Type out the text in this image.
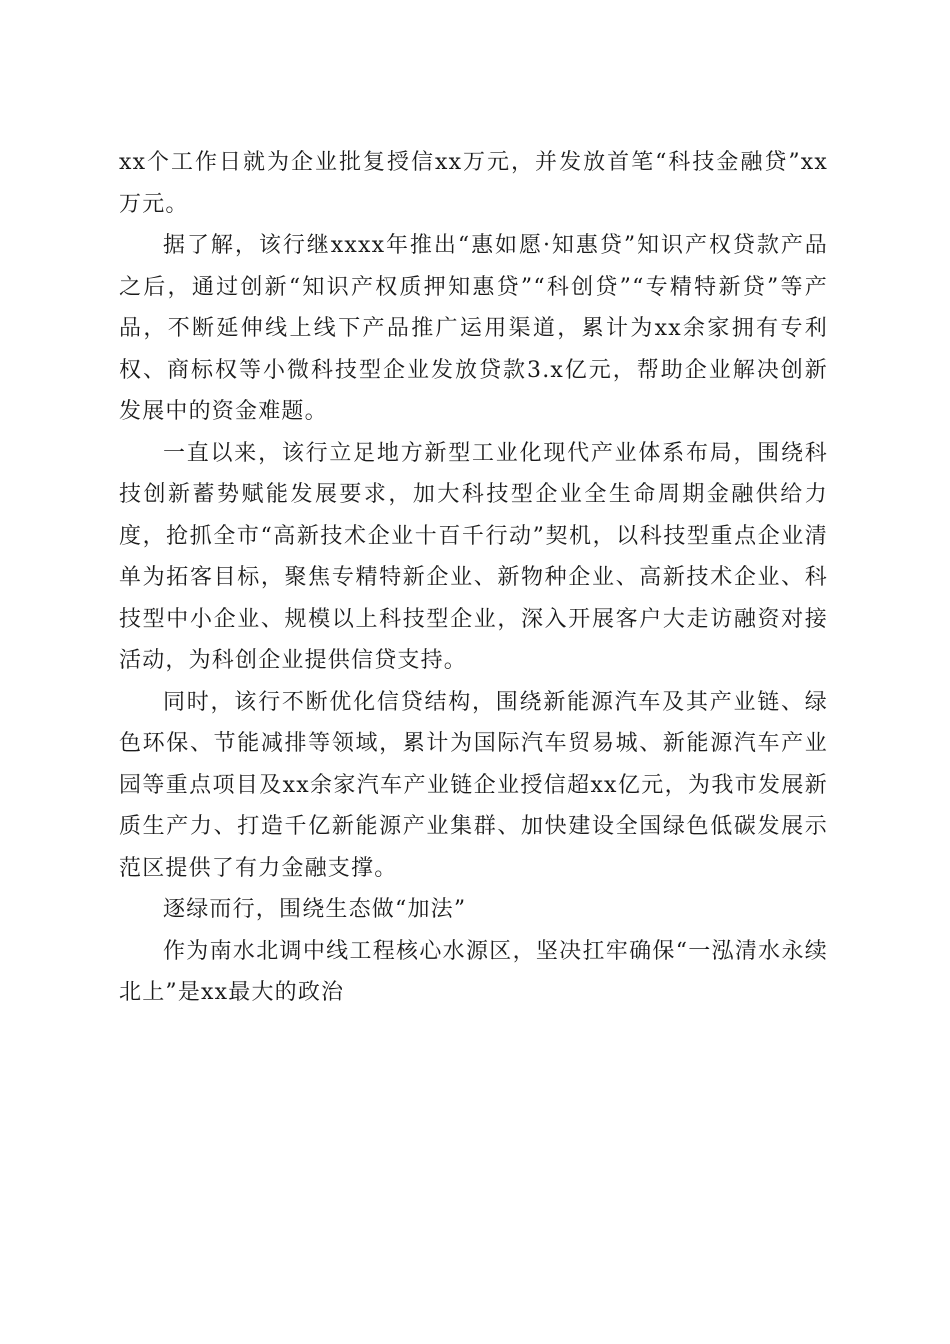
xx个工作日就为企业批复授信xx万元，并发放首笔“科技金融贷”xx万元。

据了解，该行继xxxx年推出“惠如愿·知惠贷”知识产权贷款产品之后，通过创新“知识产权质押知惠贷”“科创贷”“专精特新贷”等产品，不断延伸线上线下产品推广运用渠道，累计为xx余家拥有专利权、商标权等小微科技型企业发放贷款3.x亿元，帮助企业解决创新发展中的资金难题。

一直以来，该行立足地方新型工业化现代产业体系布局，围绕科技创新蓄势赋能发展要求，加大科技型企业全生命周期金融供给力度，抢抓全市“高新技术企业十百千行动”契机，以科技型重点企业清单为拓客目标，聚焦专精特新企业、新物种企业、高新技术企业、科技型中小企业、规模以上科技型企业，深入开展客户大走访融资对接活动，为科创企业提供信贷支持。

同时，该行不断优化信贷结构，围绕新能源汽车及其产业链、绿色环保、节能减排等领域，累计为国际汽车贸易城、新能源汽车产业园等重点项目及xx余家汽车产业链企业授信超xx亿元，为我市发展新质生产力、打造千亿新能源产业集群、加快建设全国绿色低碳发展示范区提供了有力金融支撑。

逐绿而行，围绕生态做“加法”

作为南水北调中线工程核心水源区，坚决扛牢确保“一泓清水永续北上”是xx最大的政治
